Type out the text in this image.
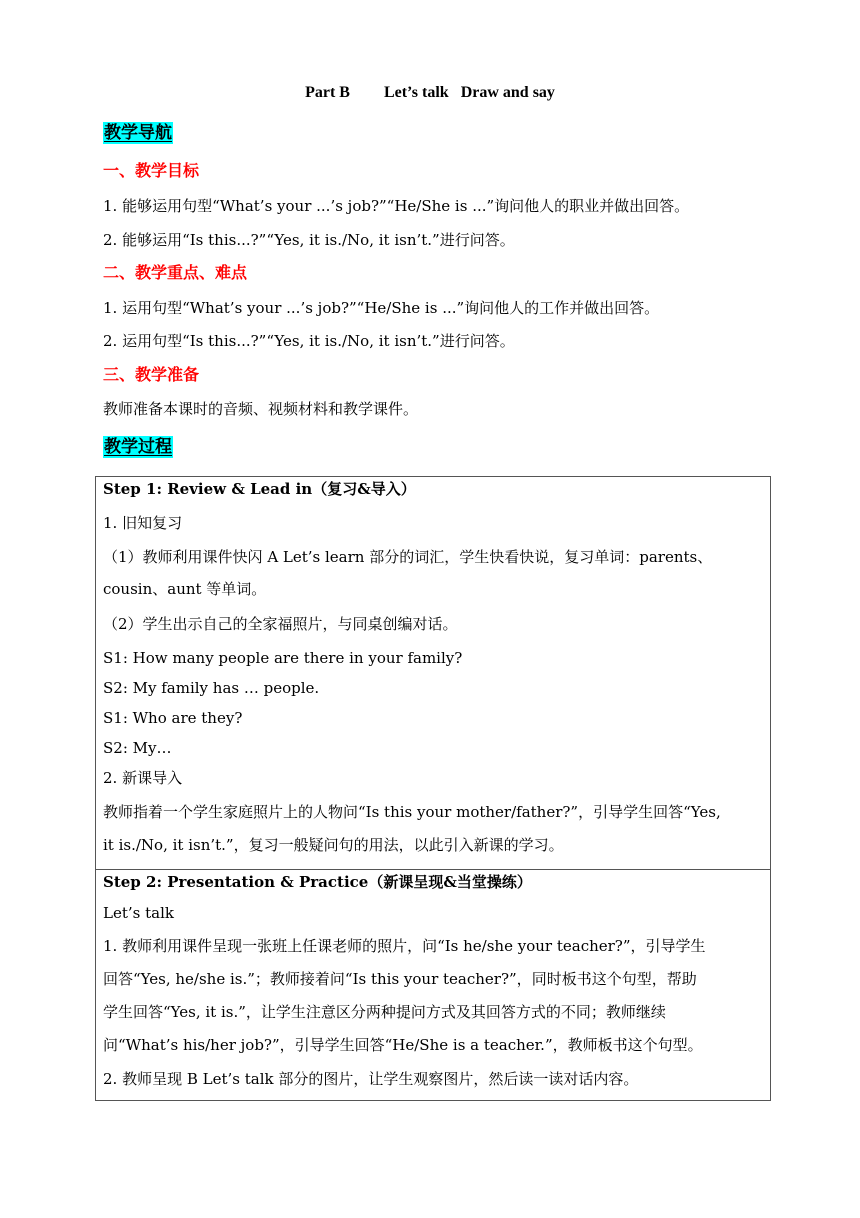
Part B Let’s talk Draw and say
教学导航
一、教学目标
1. 能够运用句型“What’s your ...’s job?”“He/She is ...”询问他人的职业并做出回答。
2. 能够运用“Is this...?”“Yes, it is./No, it isn’t.”进行问答。
二、教学重点、难点
1. 运用句型“What’s your ...’s job?”“He/She is ...”询问他人的工作并做出回答。
2. 运用句型“Is this...?”“Yes, it is./No, it isn’t.”进行问答。
三、教学准备
教师准备本课时的音频、视频材料和教学课件。
教学过程
Step 1: Review & Lead in（复习&导入）
1. 旧知复习
（1）教师利用课件快闪 A Let’s learn 部分的词汇，学生快看快说，复习单词：parents、
cousin、aunt 等单词。
（2）学生出示自己的全家福照片，与同桌创编对话。
S1: How many people are there in your family?
S2: My family has … people.
S1: Who are they?
S2: My…
2. 新课导入
教师指着一个学生家庭照片上的人物问“Is this your mother/father?”，引导学生回答“Yes,
it is./No, it isn’t.”，复习一般疑问句的用法，以此引入新课的学习。
Step 2: Presentation & Practice（新课呈现&当堂操练）
Let’s talk
1. 教师利用课件呈现一张班上任课老师的照片，问“Is he/she your teacher?”，引导学生
回答“Yes, he/she is.”；教师接着问“Is this your teacher?”，同时板书这个句型，帮助
学生回答“Yes, it is.”，让学生注意区分两种提问方式及其回答方式的不同；教师继续
问“What’s his/her job?”，引导学生回答“He/She is a teacher.”，教师板书这个句型。
2. 教师呈现 B Let’s talk 部分的图片，让学生观察图片，然后读一读对话内容。
